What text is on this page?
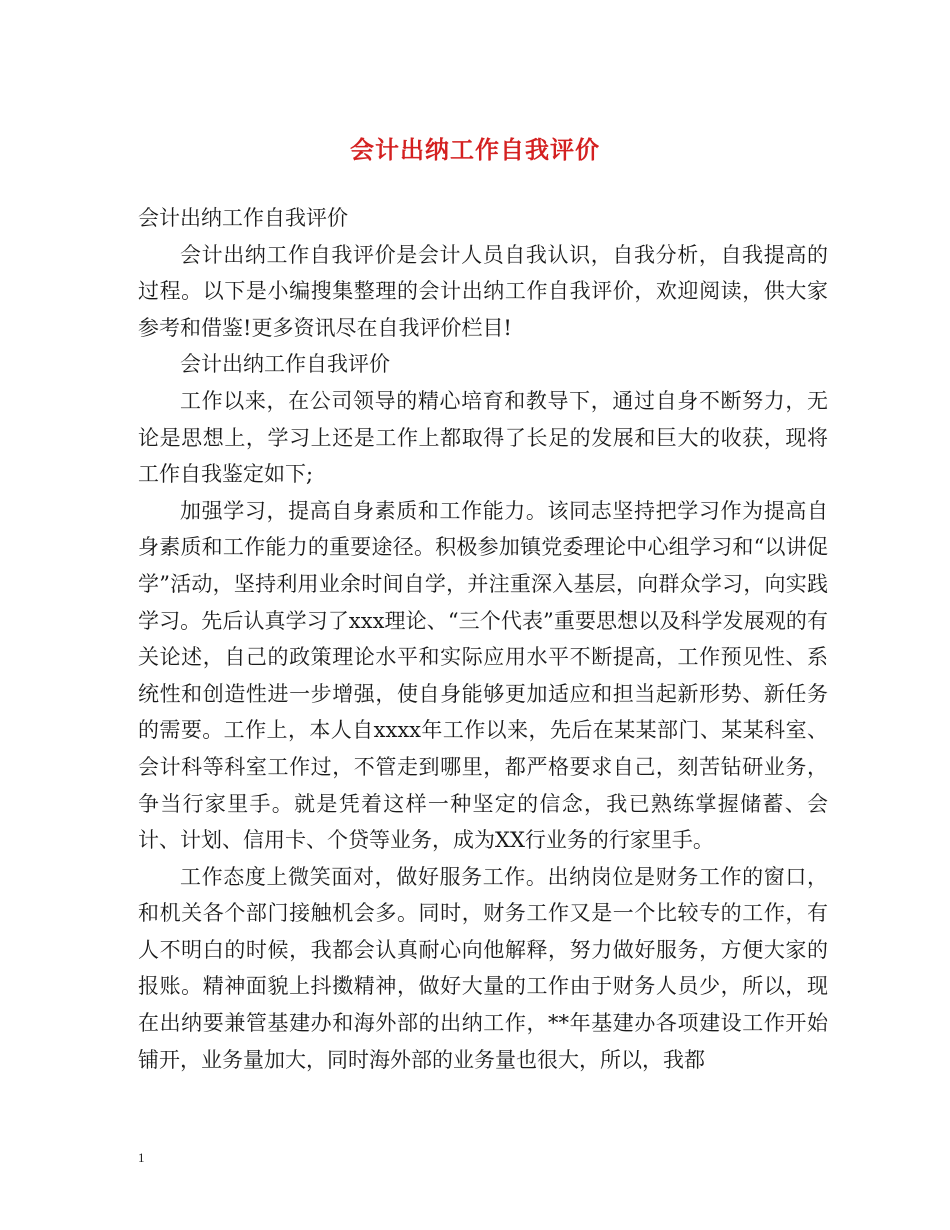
会计出纳工作自我评价

会计出纳工作自我评价

会计出纳工作自我评价是会计人员自我认识，自我分析，自我提高的过程。以下是小编搜集整理的会计出纳工作自我评价，欢迎阅读，供大家参考和借鉴!更多资讯尽在自我评价栏目!

会计出纳工作自我评价

工作以来，在公司领导的精心培育和教导下，通过自身不断努力，无论是思想上，学习上还是工作上都取得了长足的发展和巨大的收获，现将工作自我鉴定如下;

加强学习，提高自身素质和工作能力。该同志坚持把学习作为提高自身素质和工作能力的重要途径。积极参加镇党委理论中心组学习和“以讲促学”活动，坚持利用业余时间自学，并注重深入基层，向群众学习，向实践学习。先后认真学习了xxx理论、“三个代表”重要思想以及科学发展观的有关论述，自己的政策理论水平和实际应用水平不断提高，工作预见性、系统性和创造性进一步增强，使自身能够更加适应和担当起新形势、新任务的需要。工作上，本人自xxxx年工作以来，先后在某某部门、某某科室、会计科等科室工作过，不管走到哪里，都严格要求自己，刻苦钻研业务，争当行家里手。就是凭着这样一种坚定的信念，我已熟练掌握储蓄、会计、计划、信用卡、个贷等业务，成为XX行业务的行家里手。

工作态度上微笑面对，做好服务工作。出纳岗位是财务工作的窗口，和机关各个部门接触机会多。同时，财务工作又是一个比较专的工作，有人不明白的时候，我都会认真耐心向他解释，努力做好服务，方便大家的报账。精神面貌上抖擞精神，做好大量的工作由于财务人员少，所以，现在出纳要兼管基建办和海外部的出纳工作，**年基建办各项建设工作开始铺开，业务量加大，同时海外部的业务量也很大，所以，我都

1
